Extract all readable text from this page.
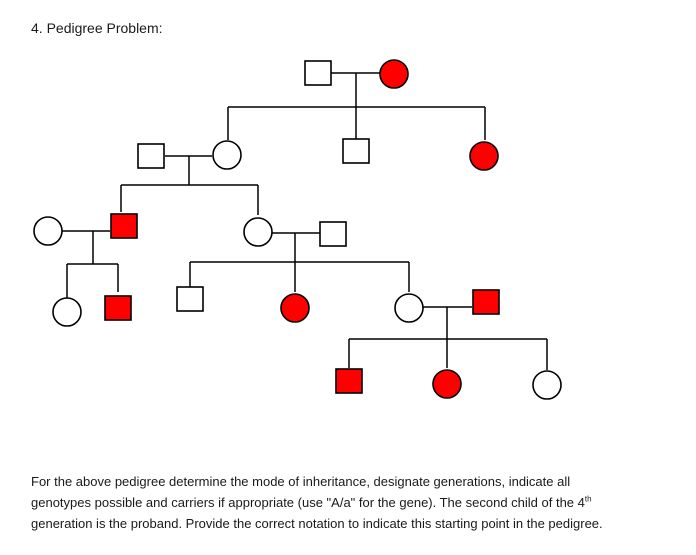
4. Pedigree Problem:

For the above pedigree determine the mode of inheritance, designate generations, indicate all

genotypes possible and carriers if appropriate (use "A/a" for the gene). The second child of the 4th

generation is the proband. Provide the correct notation to indicate this starting point in the pedigree.
